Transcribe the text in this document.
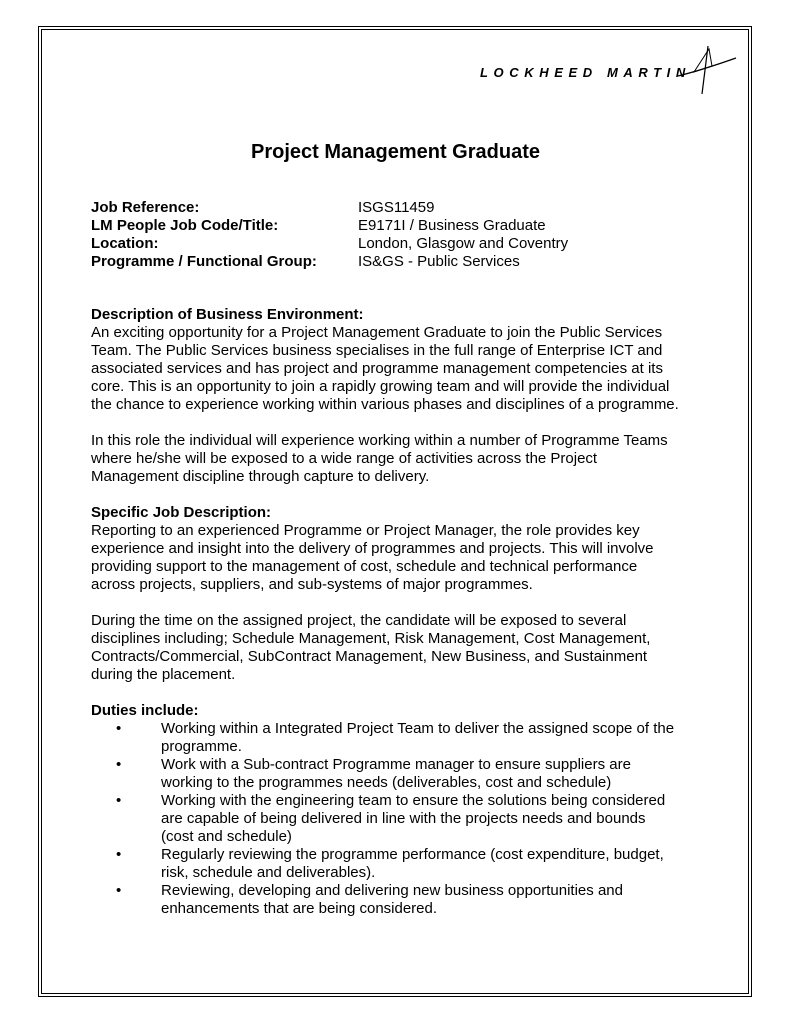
LOCKHEED MARTIN
Project Management Graduate
Job Reference:	ISGS11459
LM People Job Code/Title:	E9171I / Business Graduate
Location:	London, Glasgow and Coventry
Programme / Functional Group:	IS&GS - Public Services
Description of Business Environment:

An exciting opportunity for a Project Management Graduate to join the Public Services
Team. The Public Services business specialises in the full range of Enterprise ICT and
associated services and has project and programme management competencies at its
core. This is an opportunity to join a rapidly growing team and will provide the individual
the chance to experience working within various phases and disciplines of a programme.

In this role the individual will experience working within a number of Programme Teams
where he/she will be exposed to a wide range of activities across the Project
Management discipline through capture to delivery.

Specific Job Description:

Reporting to an experienced Programme or Project Manager, the role provides key
experience and insight into the delivery of programmes and projects. This will involve
providing support to the management of cost, schedule and technical performance
across projects, suppliers, and sub-systems of major programmes.

During the time on the assigned project, the candidate will be exposed to several
disciplines including; Schedule Management, Risk Management, Cost Management,
Contracts/Commercial, SubContract Management, New Business, and Sustainment
during the placement.

Duties include:
•	Working within a Integrated Project Team to deliver the assigned scope of the
programme.
•	Work with a Sub-contract Programme manager to ensure suppliers are
working to the programmes needs (deliverables, cost and schedule)
•	Working with the engineering team to ensure the solutions being considered
are capable of being delivered in line with the projects needs and bounds
(cost and schedule)
•	Regularly reviewing the programme performance (cost expenditure, budget,
risk, schedule and deliverables).
•	Reviewing, developing and delivering new business opportunities and
enhancements that are being considered.
